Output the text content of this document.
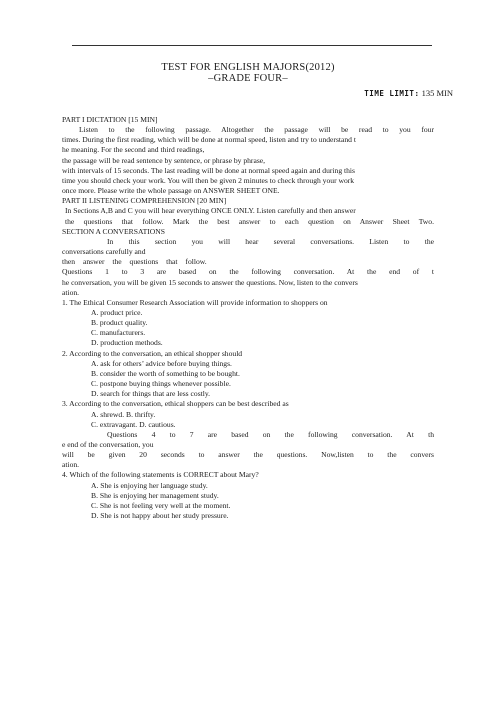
TEST FOR ENGLISH MAJORS(2012)
–GRADE FOUR–
TIME LIMIT: 135 MIN
PART I DICTATION [15 MIN]
Listen to the following passage. Altogether the passage will be read to you four
times. During the first reading, which will be done at normal speed, listen and try to understand t
he meaning. For the second and third readings,
the passage will be read sentence by sentence, or phrase by phrase,
with intervals of 15 seconds. The last reading will be done at normal speed again and during this
time you should check your work. You will then be given 2 minutes to check through your work
once more. Please write the whole passage on ANSWER SHEET ONE.
PART II LISTENING COMPREHENSION [20 MIN]
In Sections A,B and C you will hear everything ONCE ONLY. Listen carefully and then answer
the questions that follow. Mark the best answer to each question on Answer Sheet Two.
SECTION A CONVERSATIONS
In this section you will hear several conversations. Listen to the
conversations carefully and
then answer the questions that follow.
Questions 1 to 3 are based on the following conversation. At the end of t
he conversation, you will be given 15 seconds to answer the questions. Now, listen to the convers
ation.
1. The Ethical Consumer Research Association will provide information to shoppers on
A. product price.
B. product quality.
C. manufacturers.
D. production methods.
2. According to the conversation, an ethical shopper should
A. ask for others’ advice before buying things.
B. consider the worth of something to be bought.
C. postpone buying things whenever possible.
D. search for things that are less costly.
3. According to the conversation, ethical shoppers can be best described as
A. shrewd. B. thrifty.
C. extravagant. D. cautious.
Questions 4 to 7 are based on the following conversation. At th
e end of the conversation, you
will be given 20 seconds to answer the questions. Now,listen to the convers
ation.
4. Which of the following statements is CORRECT about Mary?
A. She is enjoying her language study.
B. She is enjoying her management study.
C. She is not feeling very well at the moment.
D. She is not happy about her study pressure.
